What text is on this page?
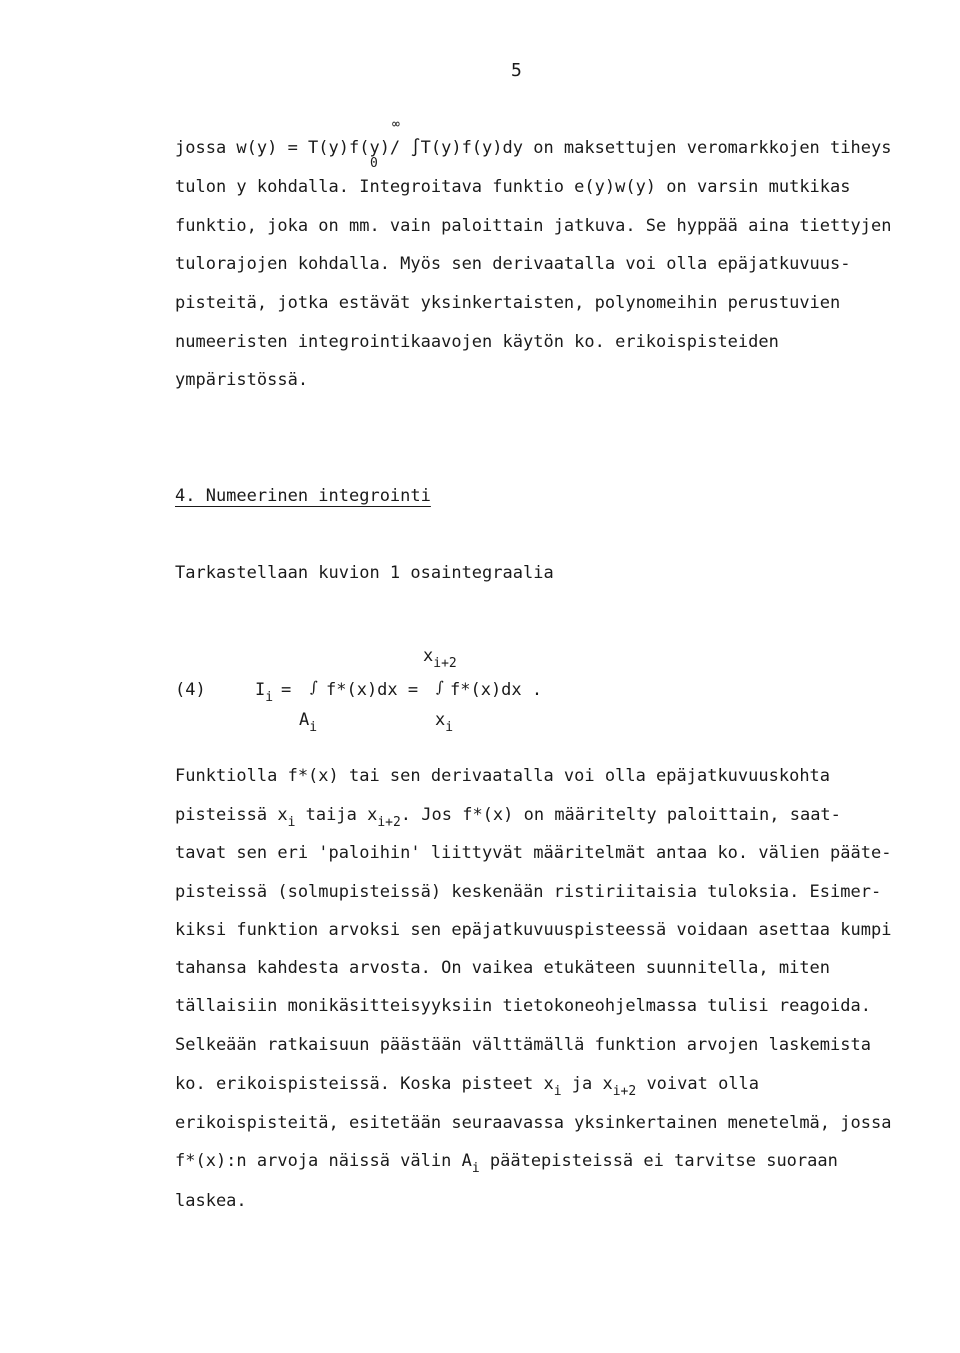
5
∞
0
jossa w(y) = T(y)f(y)/ ∫T(y)f(y)dy on maksettujen veromarkkojen tiheys
tulon y kohdalla. Integroitava funktio e(y)w(y) on varsin mutkikas
funktio, joka on mm. vain paloittain jatkuva. Se hyppää aina tiettyjen
tulorajojen kohdalla. Myös sen derivaatalla voi olla epäjatkuvuus-
pisteitä, jotka estävät yksinkertaisten, polynomeihin perustuvien
numeeristen integrointikaavojen käytön ko. erikoispisteiden
ympäristössä.
4. Numeerinen integrointi
Tarkastellaan kuvion 1 osaintegraalia
$x_{i+2}$
(4)	$I_i$ = ∫ f*(x)dx = ∫ f*(x)dx .
$A_i$	$x_i$
Funktiolla f*(x) tai sen derivaatalla voi olla epäjatkuvuuskohta
pisteissä $x_i$ taija $x_{i+2}$. Jos f*(x) on määritelty paloittain, saat-
tavat sen eri 'paloihin' liittyvät määritelmät antaa ko. välien pääte-
pisteissä (solmupisteissä) keskenään ristiriitaisia tuloksia. Esimer-
kiksi funktion arvoksi sen epäjatkuvuuspisteessä voidaan asettaa kumpi
tahansa kahdesta arvosta. On vaikea etukäteen suunnitella, miten
tällaisiin monikäsitteisyyksiin tietokoneohjelmassa tulisi reagoida.
Selkeään ratkaisuun päästään välttämällä funktion arvojen laskemista
ko. erikoispisteissä. Koska pisteet $x_i$ ja $x_{i+2}$ voivat olla
erikoispisteitä, esitetään seuraavassa yksinkertainen menetelmä, jossa
f*(x):n arvoja näissä välin $A_i$ päätepisteissä ei tarvitse suoraan
laskea.
